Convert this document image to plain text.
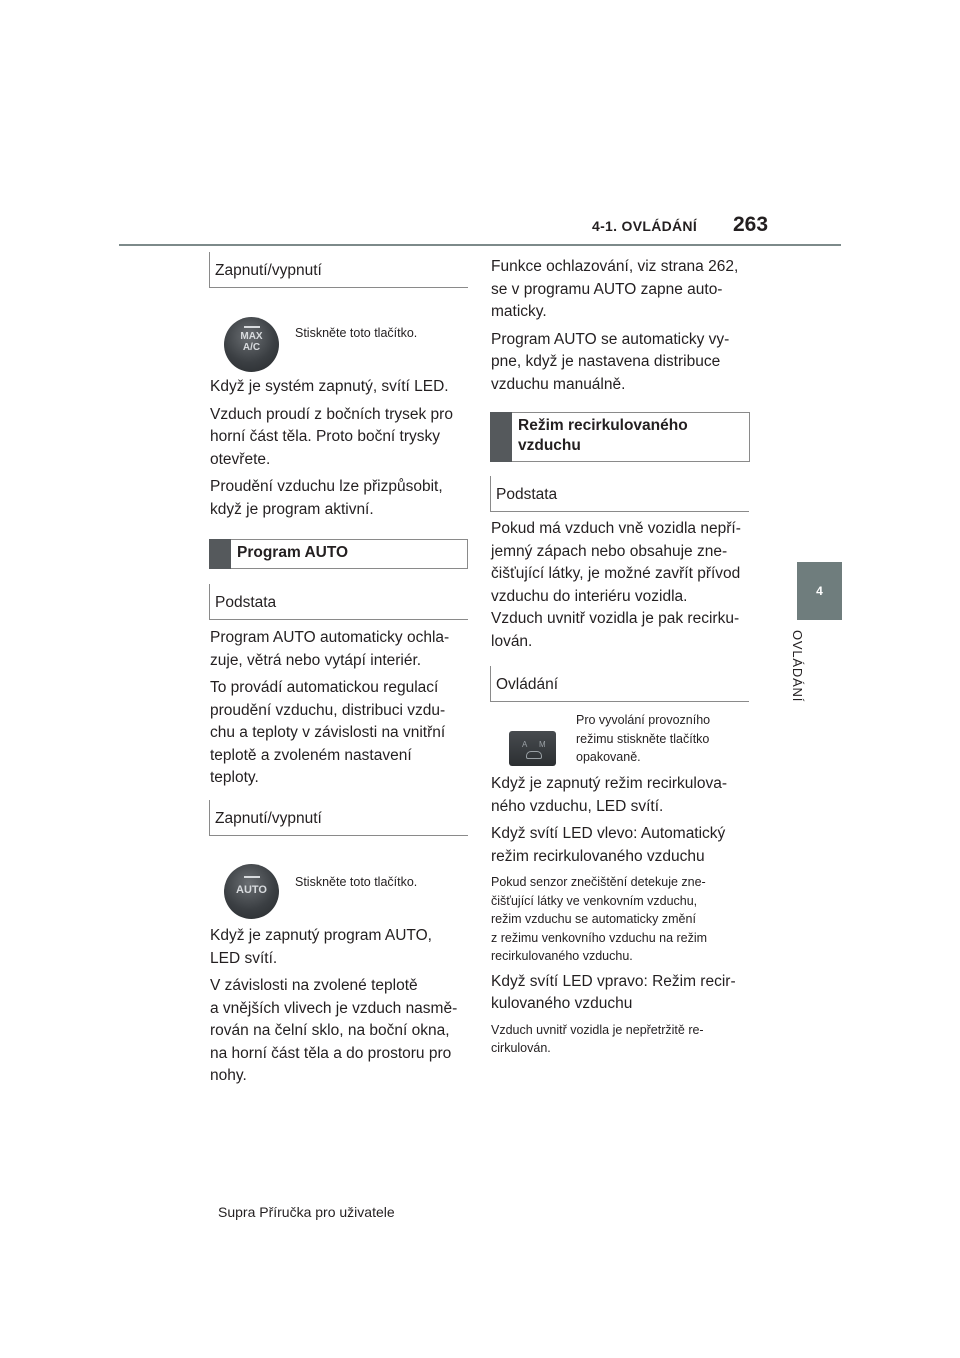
4-1. OVLÁDÁNÍ 263
4
OVLÁDÁNÍ
Zapnutí/vypnutí
MAX
A/C
Stiskněte toto tlačítko.
Když je systém zapnutý, svítí LED.
Vzduch proudí z bočních trysek pro
horní část těla. Proto boční trysky
otevřete.
Proudění vzduchu lze přizpůsobit,
když je program aktivní.
Program AUTO
Podstata
Program AUTO automaticky ochla-
zuje, větrá nebo vytápí interiér.
To provádí automatickou regulací
proudění vzduchu, distribuci vzdu-
chu a teploty v závislosti na vnitřní
teplotě a zvoleném nastavení
teploty.
Zapnutí/vypnutí
AUTO
Stiskněte toto tlačítko.
Když je zapnutý program AUTO,
LED svítí.
V závislosti na zvolené teplotě
a vnějších vlivech je vzduch nasmě-
rován na čelní sklo, na boční okna,
na horní část těla a do prostoru pro
nohy.
Funkce ochlazování, viz strana 262,
se v programu AUTO zapne auto-
maticky.
Program AUTO se automaticky vy-
pne, když je nastavena distribuce
vzduchu manuálně.
Režim recirkulovaného
vzduchu
Podstata
Pokud má vzduch vně vozidla nepří-
jemný zápach nebo obsahuje zne-
čišťující látky, je možné zavřít přívod
vzduchu do interiéru vozidla.
Vzduch uvnitř vozidla je pak recirku-
lován.
Ovládání
A M
Pro vyvolání provozního
režimu stiskněte tlačítko
opakovaně.
Když je zapnutý režim recirkulova-
ného vzduchu, LED svítí.
Když svítí LED vlevo: Automatický
režim recirkulovaného vzduchu
Pokud senzor znečištění detekuje zne-
čišťující látky ve venkovním vzduchu,
režim vzduchu se automaticky změní
z režimu venkovního vzduchu na režim
recirkulovaného vzduchu.
Když svítí LED vpravo: Režim recir-
kulovaného vzduchu
Vzduch uvnitř vozidla je nepřetržitě re-
cirkulován.
Supra Příručka pro uživatele
